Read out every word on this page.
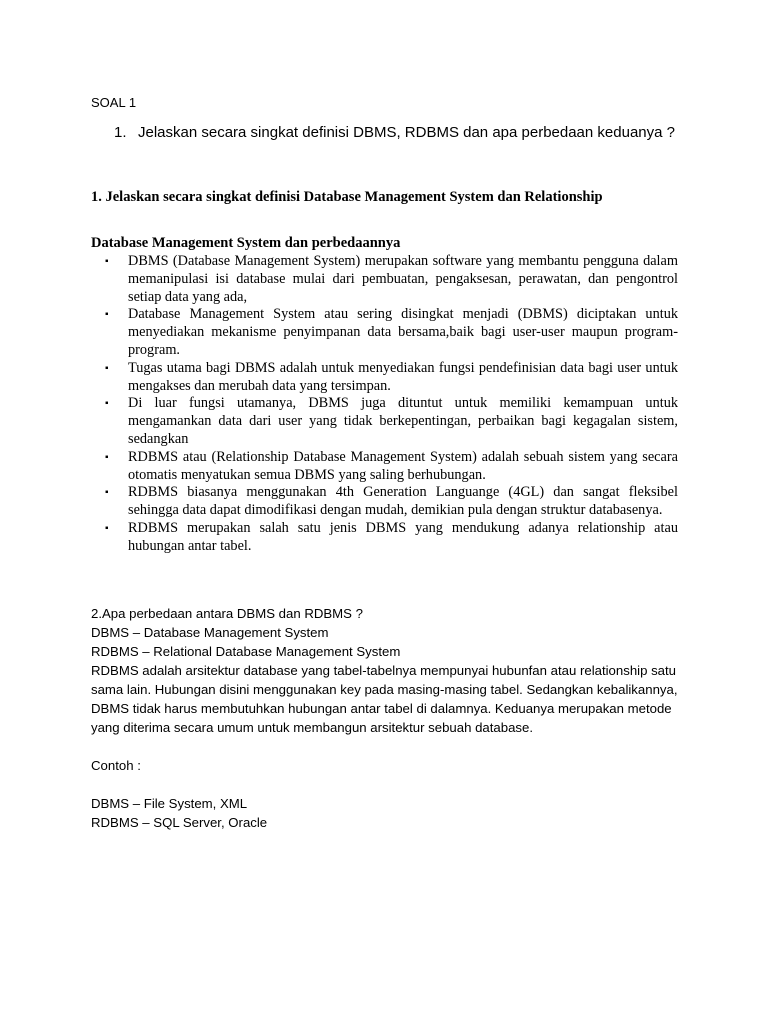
SOAL 1
1. Jelaskan secara singkat definisi DBMS, RDBMS dan apa perbedaan keduanya ?
1. Jelaskan secara singkat definisi Database Management System dan Relationship
Database Management System dan perbedaannya
▪ DBMS (Database Management System) merupakan software yang membantu pengguna dalam memanipulasi isi database mulai dari pembuatan, pengaksesan, perawatan, dan pengontrol setiap data yang ada,
▪ Database Management System atau sering disingkat menjadi (DBMS) diciptakan untuk menyediakan mekanisme penyimpanan data bersama,baik bagi user-user maupun program-program.
▪ Tugas utama bagi DBMS adalah untuk menyediakan fungsi pendefinisian data bagi user untuk mengakses dan merubah data yang tersimpan.
▪ Di luar fungsi utamanya, DBMS juga dituntut untuk memiliki kemampuan untuk mengamankan data dari user yang tidak berkepentingan, perbaikan bagi kegagalan sistem, sedangkan
▪ RDBMS atau (Relationship Database Management System) adalah sebuah sistem yang secara otomatis menyatukan semua DBMS yang saling berhubungan.
▪ RDBMS biasanya menggunakan 4th Generation Languange (4GL) dan sangat fleksibel sehingga data dapat dimodifikasi dengan mudah, demikian pula dengan struktur databasenya.
▪ RDBMS merupakan salah satu jenis DBMS yang mendukung adanya relationship atau hubungan antar tabel.

2.Apa perbedaan antara DBMS dan RDBMS ?

DBMS – Database Management System

RDBMS – Relational Database Management System

RDBMS adalah arsitektur database yang tabel-tabelnya mempunyai hubunfan atau relationship satu sama lain. Hubungan disini menggunakan key pada masing-masing tabel. Sedangkan kebalikannya, DBMS tidak harus membutuhkan hubungan antar tabel di dalamnya. Keduanya merupakan metode yang diterima secara umum untuk membangun arsitektur sebuah database.

Contoh :

DBMS – File System, XML

RDBMS – SQL Server, Oracle
